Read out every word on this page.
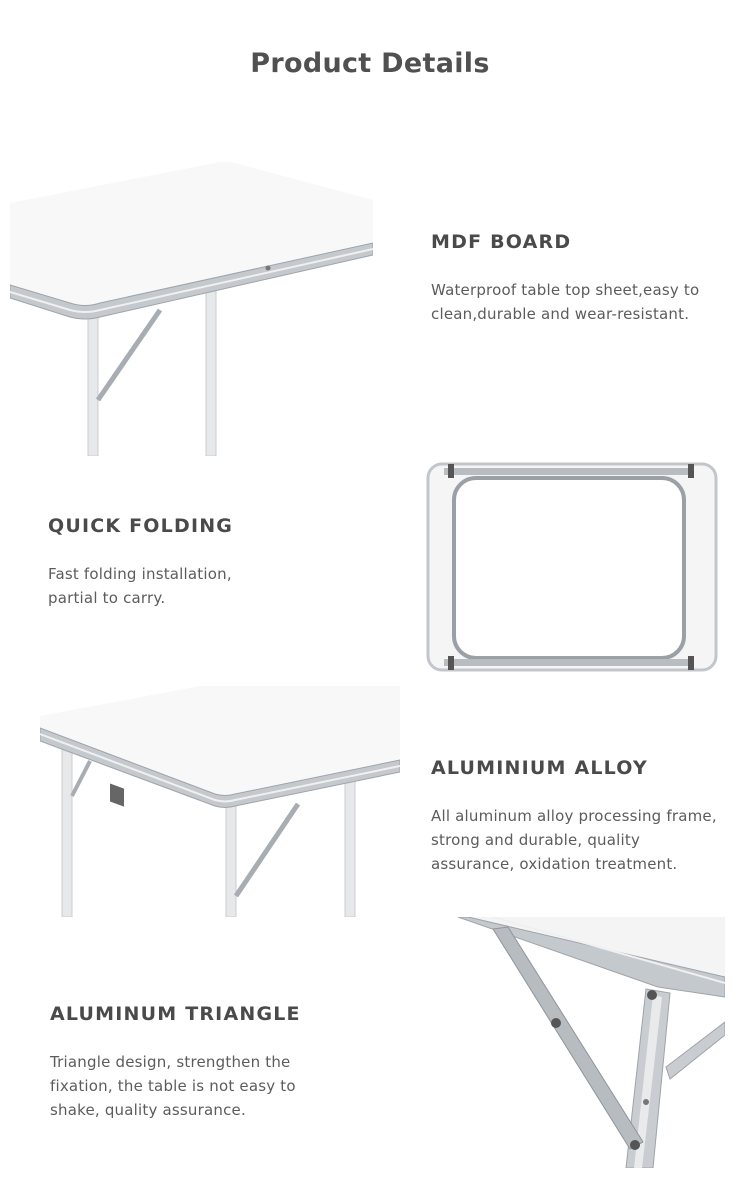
Product Details
MDF BOARD

Waterproof table top sheet,easy to clean,durable and wear-resistant.

QUICK FOLDING

Fast folding installation, partial to carry.

ALUMINIUM ALLOY

All aluminum alloy processing frame, strong and durable, quality assurance, oxidation treatment.

ALUMINUM TRIANGLE

Triangle design, strengthen the fixation, the table is not easy to shake, quality assurance.
